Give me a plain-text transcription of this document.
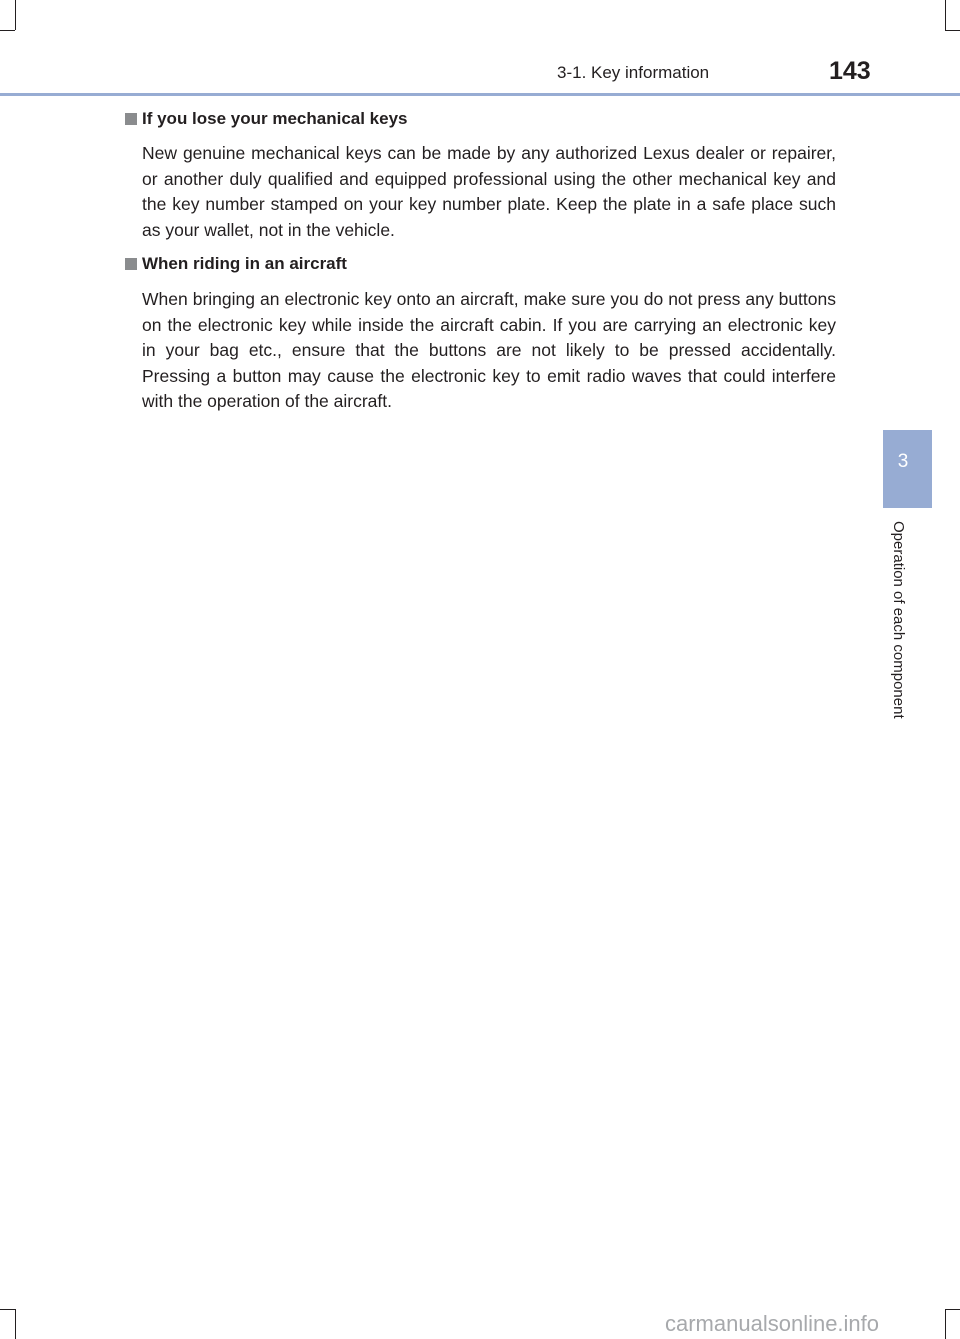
3-1. Key information	143
3
Operation of each component
If you lose your mechanical keys
New genuine mechanical keys can be made by any authorized Lexus dealer or repairer, or another duly qualified and equipped professional using the other mechanical key and the key number stamped on your key number plate. Keep the plate in a safe place such as your wallet, not in the vehicle.
When riding in an aircraft
When bringing an electronic key onto an aircraft, make sure you do not press any buttons on the electronic key while inside the aircraft cabin. If you are carrying an electronic key in your bag etc., ensure that the buttons are not likely to be pressed accidentally. Pressing a button may cause the electronic key to emit radio waves that could interfere with the operation of the aircraft.
carmanualsonline.info
